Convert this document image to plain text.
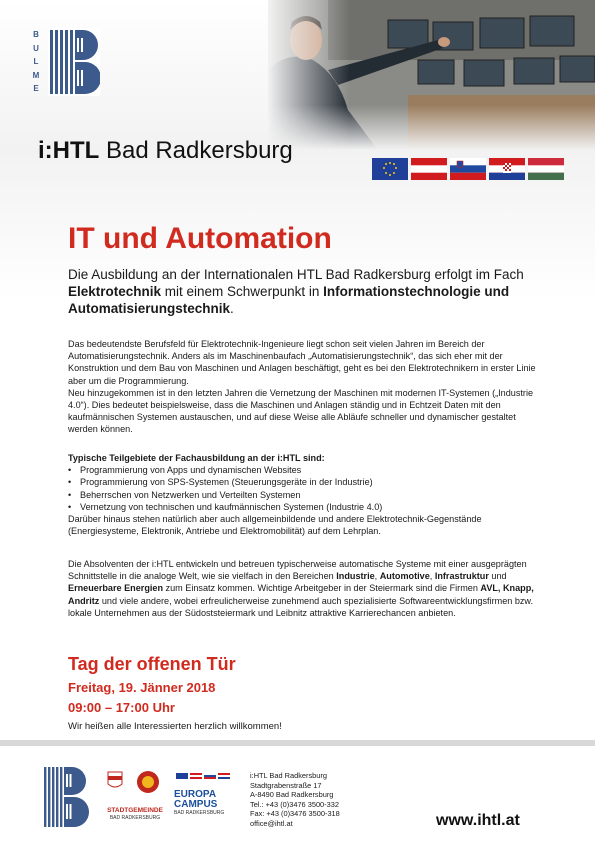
B
U
L
M
E
i:HTL Bad Radkersburg
IT und Automation
Die Ausbildung an der Internationalen HTL Bad Radkersburg erfolgt im Fach Elektrotechnik mit einem Schwerpunkt in Informationstechnologie und Automatisierungstechnik.
Das bedeutendste Berufsfeld für Elektrotechnik-Ingenieure liegt schon seit vielen Jahren im Bereich der Automatisierungstechnik. Anders als im Maschinenbaufach „Automatisierungstechnik“, das sich eher mit der Konstruktion und dem Bau von Maschinen und Anlagen beschäftigt, geht es bei den Elektrotechnikern in erster Linie aber um die Programmierung.
Neu hinzugekommen ist in den letzten Jahren die Vernetzung der Maschinen mit modernen IT-Systemen („Industrie 4.0“). Dies bedeutet beispielsweise, dass die Maschinen und Anlagen ständig und in Echtzeit Daten mit den kaufmännischen Systemen austauschen, und auf diese Weise alle Abläufe schneller und dynamischer gestaltet werden können.
Typische Teilgebiete der Fachausbildung an der i:HTL sind:
• Programmierung von Apps und dynamischen Websites
• Programmierung von SPS-Systemen (Steuerungsgeräte in der Industrie)
• Beherrschen von Netzwerken und Verteilten Systemen
• Vernetzung von technischen und kaufmännischen Systemen (Industrie 4.0)
Darüber hinaus stehen natürlich aber auch allgemeinbildende und andere Elektrotechnik-Gegenstände (Energiesysteme, Elektronik, Antriebe und Elektromobilität) auf dem Lehrplan.
Die Absolventen der i:HTL entwickeln und betreuen typischerweise automatische Systeme mit einer ausgeprägten Schnittstelle in die analoge Welt, wie sie vielfach in den Bereichen Industrie, Automotive, Infrastruktur und Erneuerbare Energien zum Einsatz kommen. Wichtige Arbeitgeber in der Steiermark sind die Firmen AVL, Knapp, Andritz und viele andere, wobei erfreulicherweise zunehmend auch spezialisierte Softwareentwicklungsfirmen bzw. lokale Unternehmen aus der Südoststeiermark und Leibnitz attraktive Karrierechancen anbieten.
Tag der offenen Tür
Freitag, 19. Jänner 2018
09:00 – 17:00 Uhr
Wir heißen alle Interessierten herzlich willkommen!
STADTGEMEINDE
BAD RADKERSBURG
EUROPA
CAMPUS
BAD RADKERSBURG
i:HTL Bad Radkersburg
Stadtgrabenstraße 17
A-8490 Bad Radkersburg
Tel.: +43 (0)3476 3500-332
Fax: +43 (0)3476 3500-318
office@ihtl.at	www.ihtl.at
